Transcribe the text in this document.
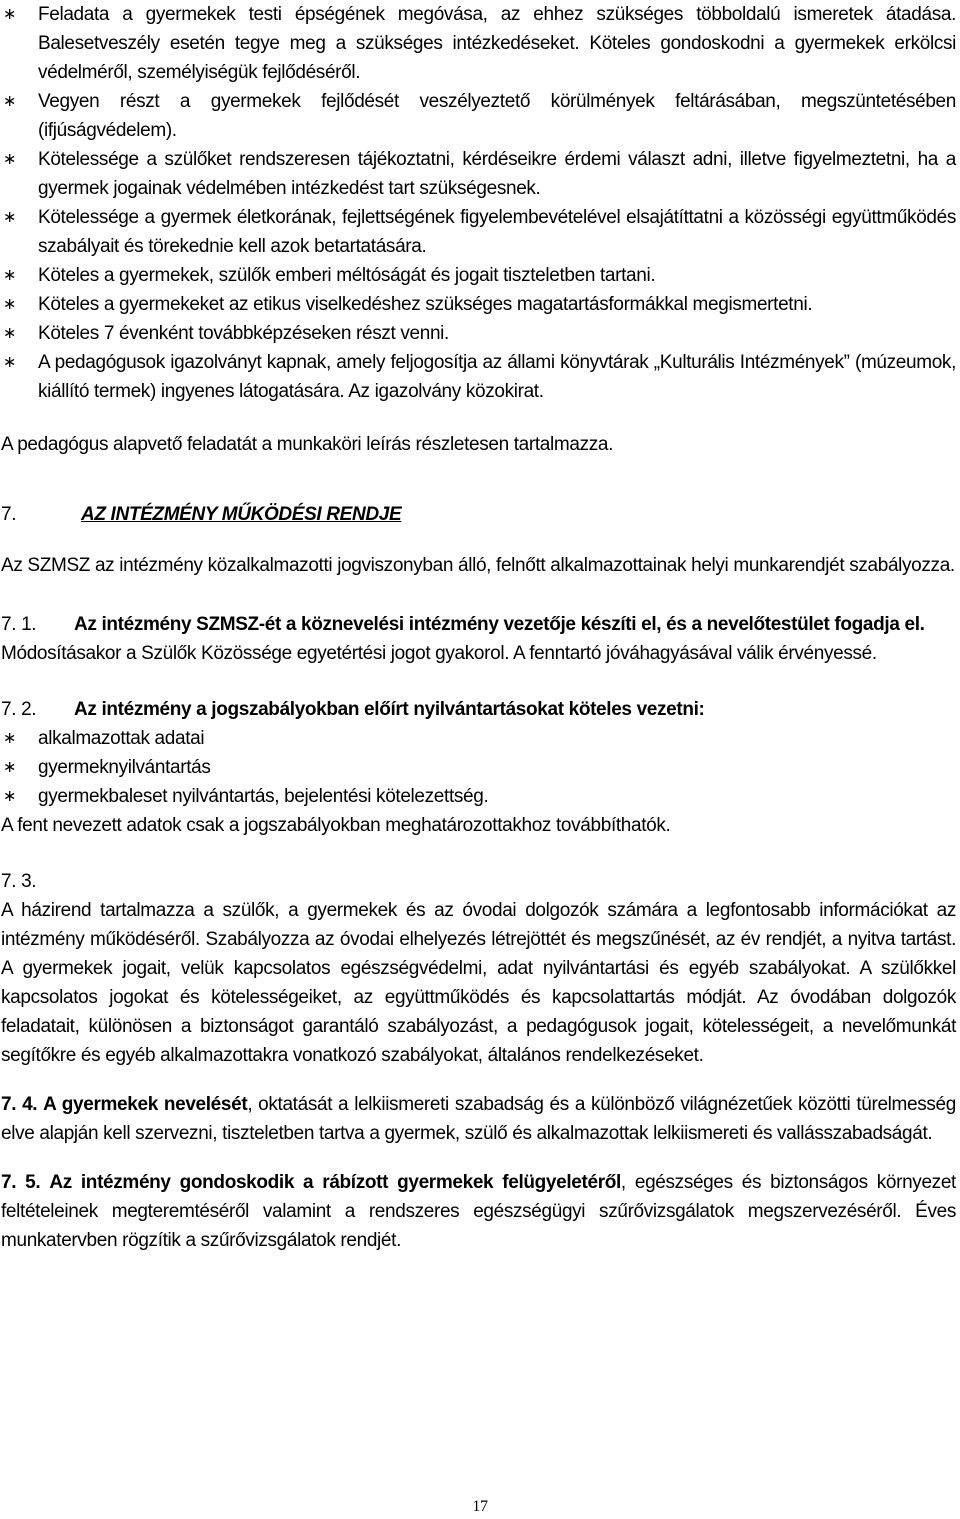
∗	Feladata a gyermekek testi épségének megóvása, az ehhez szükséges többoldalú ismeretek átadása. Balesetveszély esetén tegye meg a szükséges intézkedéseket. Köteles gondoskodni a gyermekek erkölcsi védelméről, személyiségük fejlődéséről.
∗	Vegyen részt a gyermekek fejlődését veszélyeztető körülmények feltárásában, megszüntetésében (ifjúságvédelem).
∗	Kötelessége a szülőket rendszeresen tájékoztatni, kérdéseikre érdemi választ adni, illetve figyelmeztetni, ha a gyermek jogainak védelmében intézkedést tart szükségesnek.
∗	Kötelessége a gyermek életkorának, fejlettségének figyelembevételével elsajátíttatni a közösségi együttműködés szabályait és törekednie kell azok betartatására.
∗	Köteles a gyermekek, szülők emberi méltóságát és jogait tiszteletben tartani.
∗	Köteles a gyermekeket az etikus viselkedéshez szükséges magatartásformákkal megismertetni.
∗	Köteles 7 évenként továbbképzéseken részt venni.
∗	A pedagógusok igazolványt kapnak, amely feljogosítja az állami könyvtárak „Kulturális Intézmények” (múzeumok, kiállító termek) ingyenes látogatására. Az igazolvány közokirat.

A pedagógus alapvető feladatát a munkaköri leírás részletesen tartalmazza.

7.	AZ INTÉZMÉNY MŰKÖDÉSI RENDJE

Az SZMSZ az intézmény közalkalmazotti jogviszonyban álló, felnőtt alkalmazottainak helyi munkarendjét szabályozza.

7. 1.	Az intézmény SZMSZ-ét a köznevelési intézmény vezetője készíti el, és a nevelőtestület fogadja el.

Módosításakor a Szülők Közössége egyetértési jogot gyakorol. A fenntartó jóváhagyásával válik érvényessé.

7. 2.	Az intézmény a jogszabályokban előírt nyilvántartásokat köteles vezetni:
∗	alkalmazottak adatai
∗	gyermeknyilvántartás
∗	gyermekbaleset nyilvántartás, bejelentési kötelezettség.

A fent nevezett adatok csak a jogszabályokban meghatározottakhoz továbbíthatók.

7. 3.

A házirend tartalmazza a szülők, a gyermekek és az óvodai dolgozók számára a legfontosabb információkat az intézmény működéséről. Szabályozza az óvodai elhelyezés létrejöttét és megszűnését, az év rendjét, a nyitva tartást. A gyermekek jogait, velük kapcsolatos egészségvédelmi, adat nyilvántartási és egyéb szabályokat. A szülőkkel kapcsolatos jogokat és kötelességeiket, az együttműködés és kapcsolattartás módját. Az óvodában dolgozók feladatait, különösen a biztonságot garantáló szabályozást, a pedagógusok jogait, kötelességeit, a nevelőmunkát segítőkre és egyéb alkalmazottakra vonatkozó szabályokat, általános rendelkezéseket.

7. 4. A gyermekek nevelését, oktatását a lelkiismereti szabadság és a különböző világnézetűek közötti türelmesség elve alapján kell szervezni, tiszteletben tartva a gyermek, szülő és alkalmazottak lelkiismereti és vallásszabadságát.

7. 5. Az intézmény gondoskodik a rábízott gyermekek felügyeletéről, egészséges és biztonságos környezet feltételeinek megteremtéséről valamint a rendszeres egészségügyi szűrővizsgálatok megszervezéséről. Éves munkatervben rögzítik a szűrővizsgálatok rendjét.

17
